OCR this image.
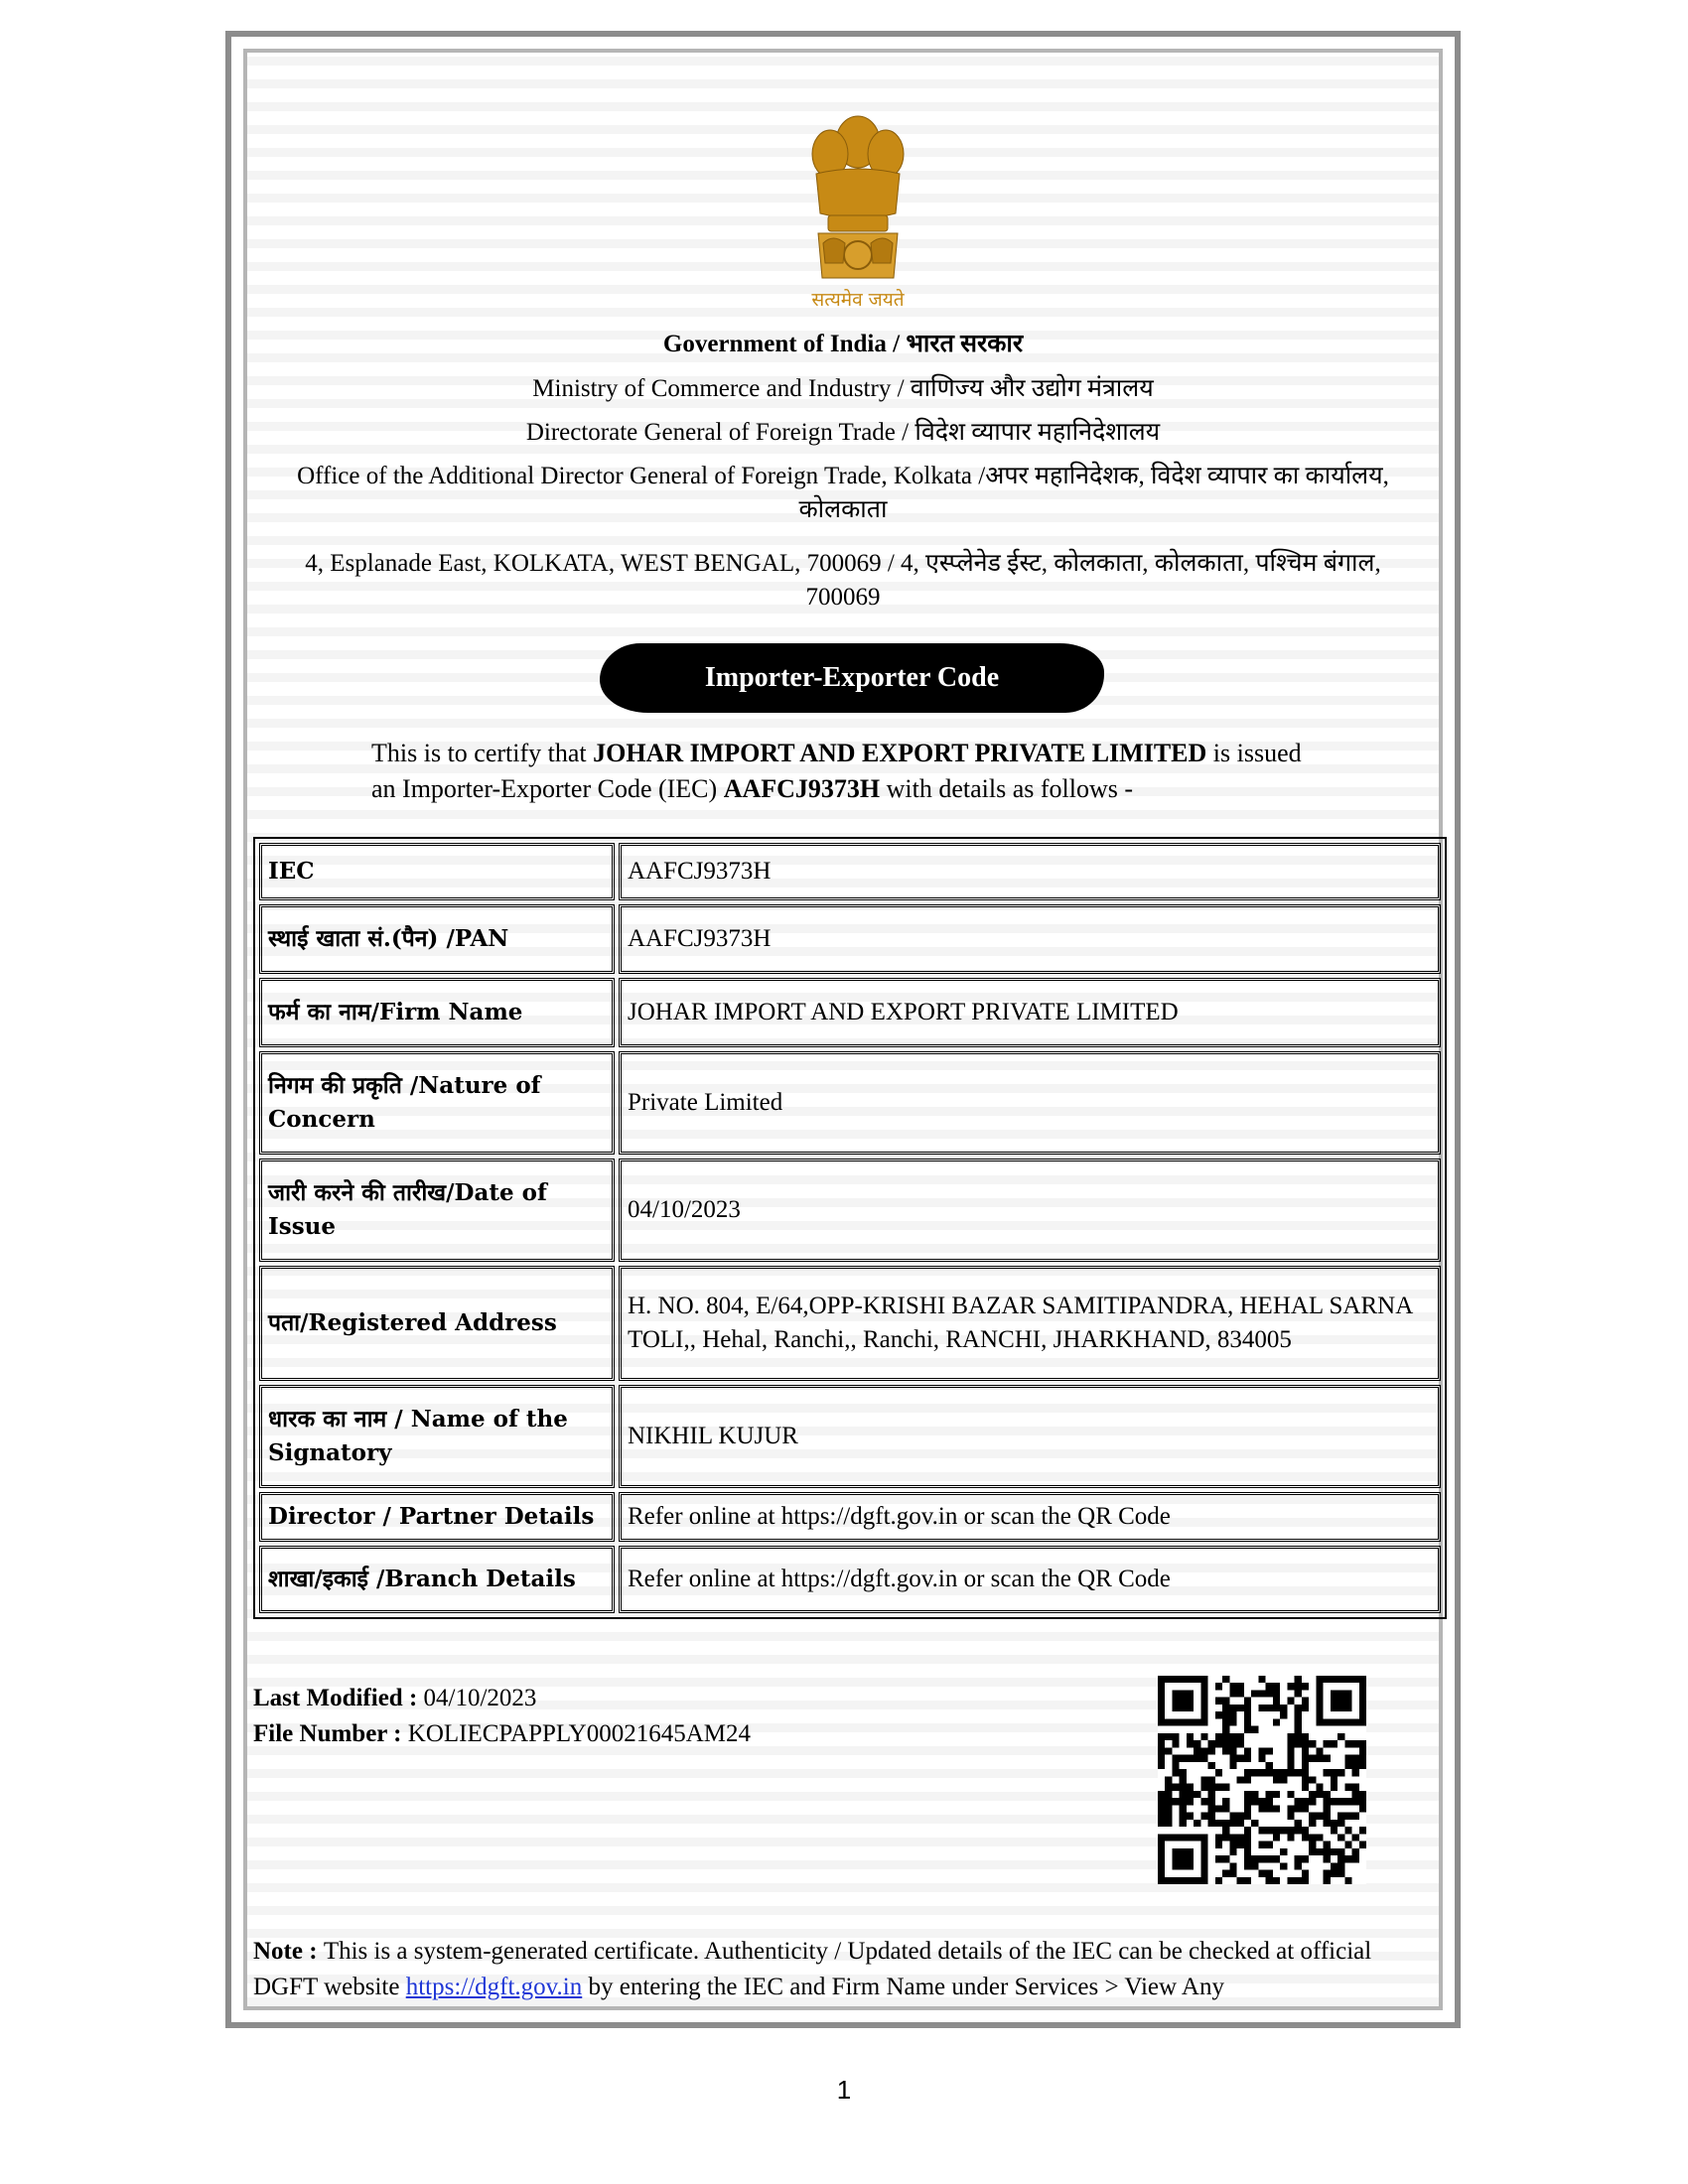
सत्यमेव जयते
Government of India / भारत सरकार
Ministry of Commerce and Industry / वाणिज्य और उद्योग मंत्रालय
Directorate General of Foreign Trade / विदेश व्यापार महानिदेशालय
Office of the Additional Director General of Foreign Trade, Kolkata /अपर महानिदेशक, विदेश व्यापार का कार्यालय, कोलकाता
4, Esplanade East, KOLKATA, WEST BENGAL, 700069 / 4, एस्प्लेनेड ईस्ट, कोलकाता, कोलकाता, पश्चिम बंगाल, 700069
Importer-Exporter Code
This is to certify that JOHAR IMPORT AND EXPORT PRIVATE LIMITED is issued an Importer-Exporter Code (IEC) AAFCJ9373H with details as follows -
IEC	AAFCJ9373H
स्थाई खाता सं.(पैन) /PAN	AAFCJ9373H
फर्म का नाम/Firm Name	JOHAR IMPORT AND EXPORT PRIVATE LIMITED
निगम की प्रकृति /Nature of Concern	Private Limited
जारी करने की तारीख/Date of Issue	04/10/2023
पता/Registered Address	H. NO. 804, E/64,OPP-KRISHI BAZAR SAMITIPANDRA, HEHAL SARNA TOLI,, Hehal, Ranchi,, Ranchi, RANCHI, JHARKHAND, 834005
धारक का नाम / Name of the Signatory	NIKHIL KUJUR
Director / Partner Details	Refer online at https://dgft.gov.in or scan the QR Code
शाखा/इकाई /Branch Details	Refer online at https://dgft.gov.in or scan the QR Code
Last Modified : 04/10/2023
File Number : KOLIECPAPPLY00021645AM24
Note : This is a system-generated certificate. Authenticity / Updated details of the IEC can be checked at official DGFT website https://dgft.gov.in by entering the IEC and Firm Name under Services > View Any
1
